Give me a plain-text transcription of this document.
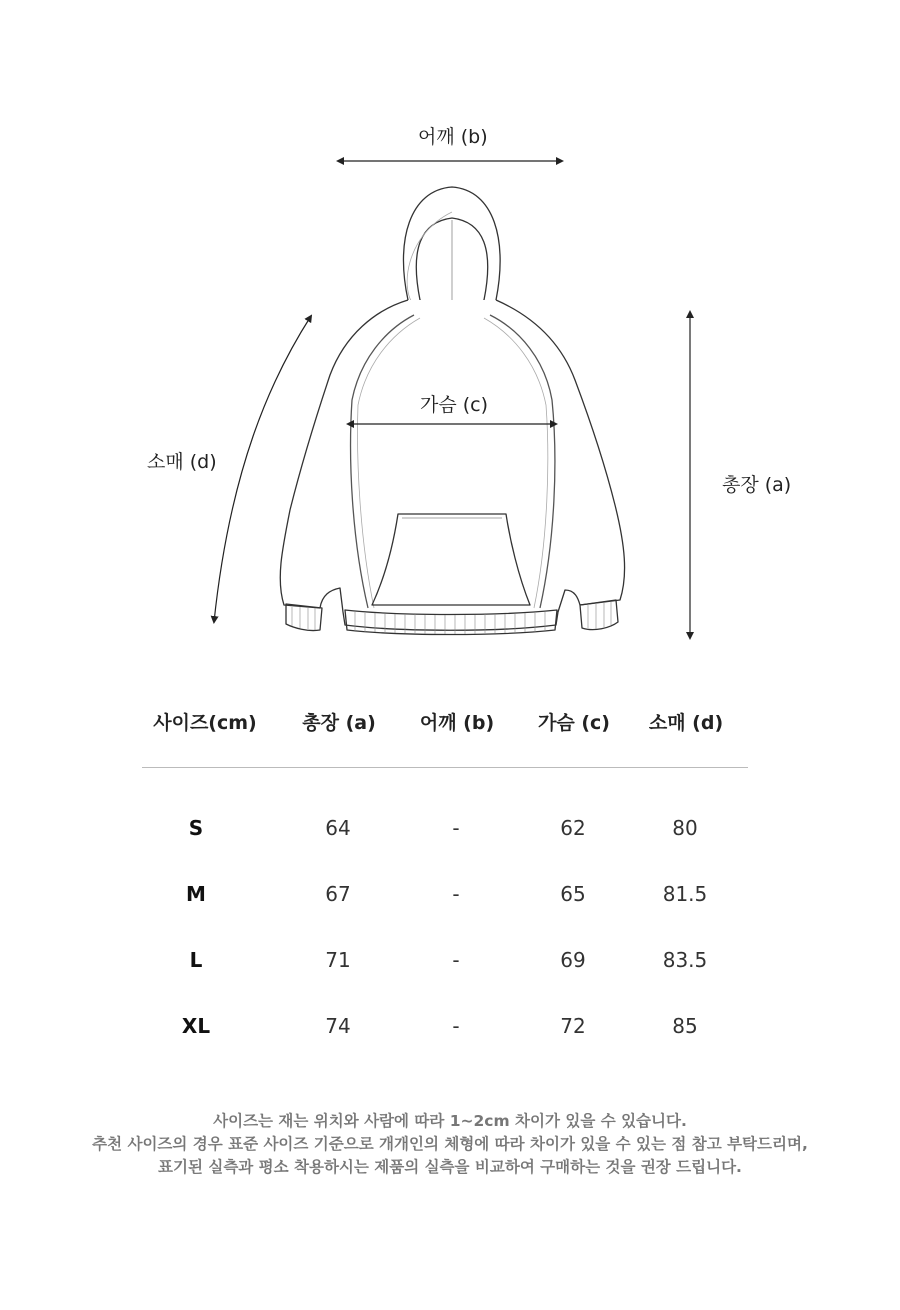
어깨 (b)
가슴 (c)
소매 (d)
총장 (a)
사이즈(cm) 총장 (a) 어깨 (b) 가슴 (c) 소매 (d)
S	64	-	62	80
M	67	-	65	81.5
L	71	-	69	83.5
XL	74	-	72	85
사이즈는 재는 위치와 사람에 따라 1~2cm 차이가 있을 수 있습니다.
추천 사이즈의 경우 표준 사이즈 기준으로 개개인의 체형에 따라 차이가 있을 수 있는 점 참고 부탁드리며,
표기된 실측과 평소 착용하시는 제품의 실측을 비교하여 구매하는 것을 권장 드립니다.
